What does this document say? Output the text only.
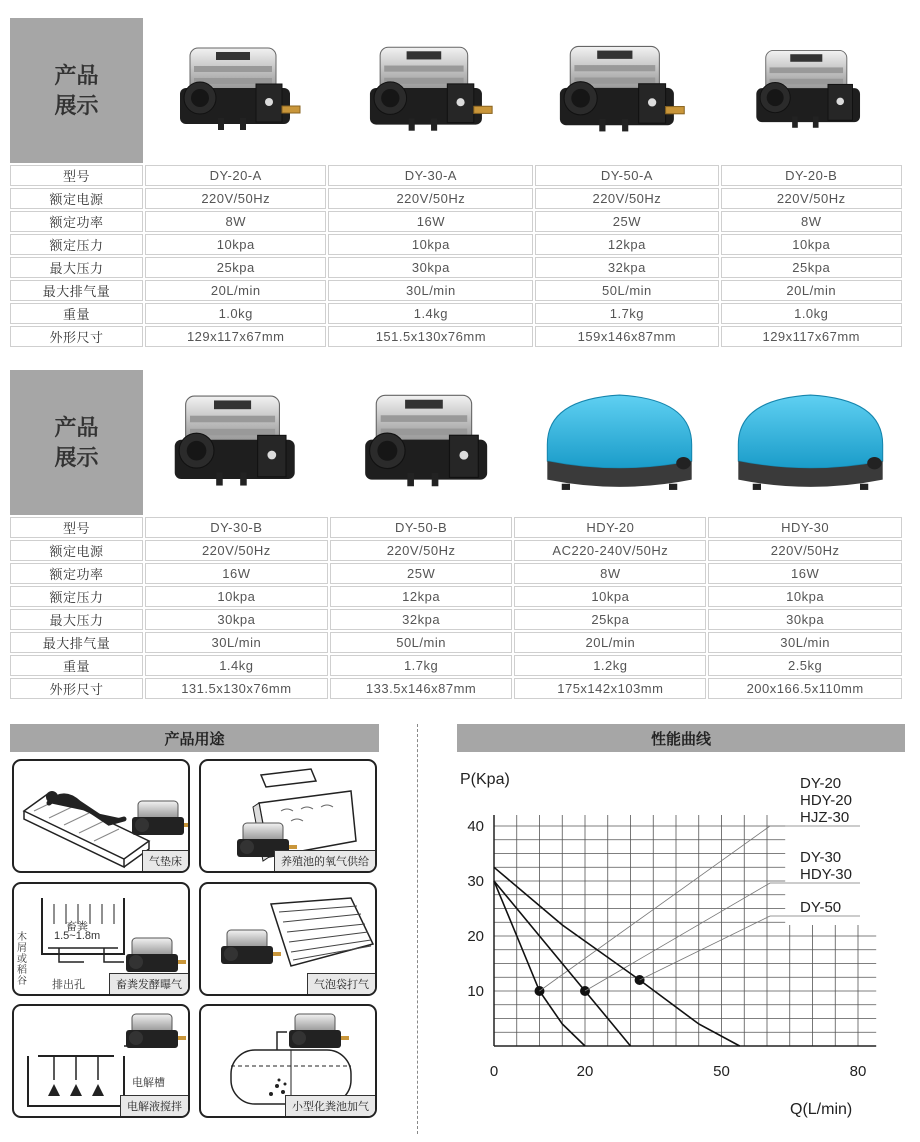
产品
展示
型号	DY-20-A	DY-30-A	DY-50-A	DY-20-B
额定电源	220V/50Hz	220V/50Hz	220V/50Hz	220V/50Hz
额定功率	8W	16W	25W	8W
额定压力	10kpa	10kpa	12kpa	10kpa
最大压力	25kpa	30kpa	32kpa	25kpa
最大排气量	20L/min	30L/min	50L/min	20L/min
重量	1.0kg	1.4kg	1.7kg	1.0kg
外形尺寸	129x117x67mm	151.5x130x76mm	159x146x87mm	129x117x67mm
产品
展示
型号	DY-30-B	DY-50-B	HDY-20	HDY-30
额定电源	220V/50Hz	220V/50Hz	AC220-240V/50Hz	220V/50Hz
额定功率	16W	25W	8W	16W
额定压力	10kpa	12kpa	10kpa	10kpa
最大压力	30kpa	32kpa	25kpa	30kpa
最大排气量	30L/min	50L/min	20L/min	30L/min
重量	1.4kg	1.7kg	1.2kg	2.5kg
外形尺寸	131.5x130x76mm	133.5x146x87mm	175x142x103mm	200x166.5x110mm
产品用途
气垫床	养殖池的氧气供给
畜粪
1.5~1.8m
木 屑 或 稻 谷 排出孔	畜粪发酵曝气	气泡袋打气
电解槽
电解液搅拌	小型化粪池加气
性能曲线
10
20
30
40
0	20	50	80
P(Kpa)
Q(L/min)
DY-20
HDY-20
HJZ-30
DY-30
HDY-30
DY-50
